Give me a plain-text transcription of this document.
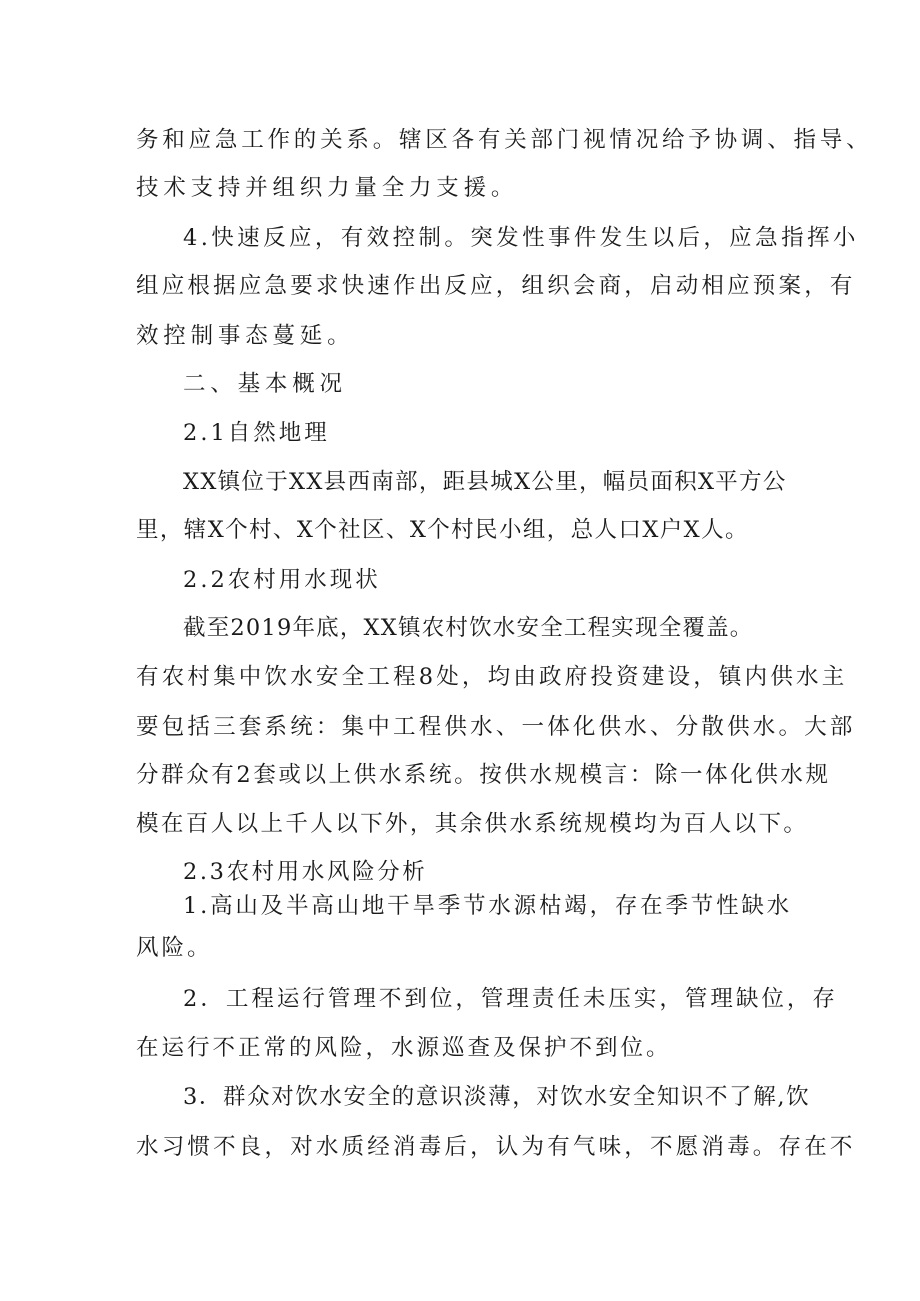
务和应急工作的关系。辖区各有关部门视情况给予协调、指导、

技术支持并组织力量全力支援。

4.快速反应，有效控制。突发性事件发生以后，应急指挥小

组应根据应急要求快速作出反应，组织会商，启动相应预案，有

效控制事态蔓延。

二、基本概况

2.1自然地理

XX镇位于XX县西南部，距县城X公里，幅员面积X平方公

里，辖X个村、X个社区、X个村民小组，总人口X户X人。

2.2农村用水现状

截至2019年底，XX镇农村饮水安全工程实现全覆盖。

有农村集中饮水安全工程8处，均由政府投资建设，镇内供水主

要包括三套系统：集中工程供水、一体化供水、分散供水。大部

分群众有2套或以上供水系统。按供水规模言：除一体化供水规

模在百人以上千人以下外，其余供水系统规模均为百人以下。

2.3农村用水风险分析

1.高山及半高山地干旱季节水源枯竭，存在季节性缺水

风险。

2．工程运行管理不到位，管理责任未压实，管理缺位，存

在运行不正常的风险，水源巡查及保护不到位。

3．群众对饮水安全的意识淡薄，对饮水安全知识不了解,饮

水习惯不良，对水质经消毒后，认为有气味，不愿消毒。存在不
